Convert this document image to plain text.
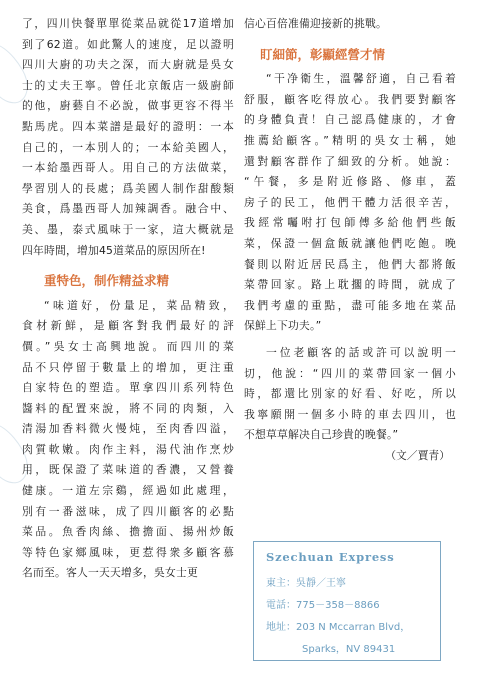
了，四川快餐單單從菜品就從17道增加
到了62道。如此驚人的速度，足以證明
四川大廚的功夫之深，而大廚就是吳女
士的丈夫王寧。曾任北京飯店一級廚師
的他，廚藝自不必說，做事更容不得半
點馬虎。四本菜譜是最好的證明：一本
自己的，一本別人的；一本給美國人，
一本給墨西哥人。用自己的方法做菜，
學習別人的長處；爲美國人制作甜酸類
美食，爲墨西哥人加辣調香。融合中、
美、墨，泰式風味于一家，這大概就是
四年時間，增加45道菜品的原因所在!
重特色，制作精益求精
“味道好，份量足，菜品精致，
食材新鮮，是顧客對我們最好的評
價。”吳女士高興地說。而四川的菜
品不只停留于數量上的增加，更注重
自家特色的塑造。單拿四川系列特色
醬料的配置來說，將不同的肉類，入
清湯加香料微火慢炖，至肉香四溢，
肉質軟嫩。肉作主料，湯代油作烹炒
用，既保證了菜味道的香濃，又營養
健康。一道左宗鷄，經過如此處理，
別有一番滋味，成了四川顧客的必點
菜品。魚香肉絲、擔擔面、揚州炒飯
等特色家鄉風味，更惹得衆多顧客慕
名而至。客人一天天增多，吳女士更
信心百倍准備迎接新的挑戰。
盯細節，彰顯經營才情
“干净衛生，溫馨舒適，自己看着
舒服，顧客吃得放心。我們要對顧客
的身體負責！自己認爲健康的，才會
推薦給顧客。”精明的吳女士稱，她
還對顧客群作了細致的分析。她說：
“午餐，多是附近修路、修車，蓋
房子的民工，他們干體力活很辛苦，
我經常囑咐打包師傅多給他們些飯
菜，保證一個盒飯就讓他們吃飽。晚
餐則以附近居民爲主，他們大都將飯
菜帶回家。路上耽擱的時間，就成了
我們考慮的重點，盡可能多地在菜品
保鮮上下功夫。”
一位老顧客的話或許可以說明一
切，他說：“四川的菜帶回家一個小
時，都還比別家的好看、好吃，所以
我寧願開一個多小時的車去四川，也
不想草草解决自己珍貴的晚餐。”
（文／賈青）
Szechuan Express
東主：吳靜／王寧
電話：775－358－8866
地址：203 N Mccarran Blvd，
Sparks，NV 89431
